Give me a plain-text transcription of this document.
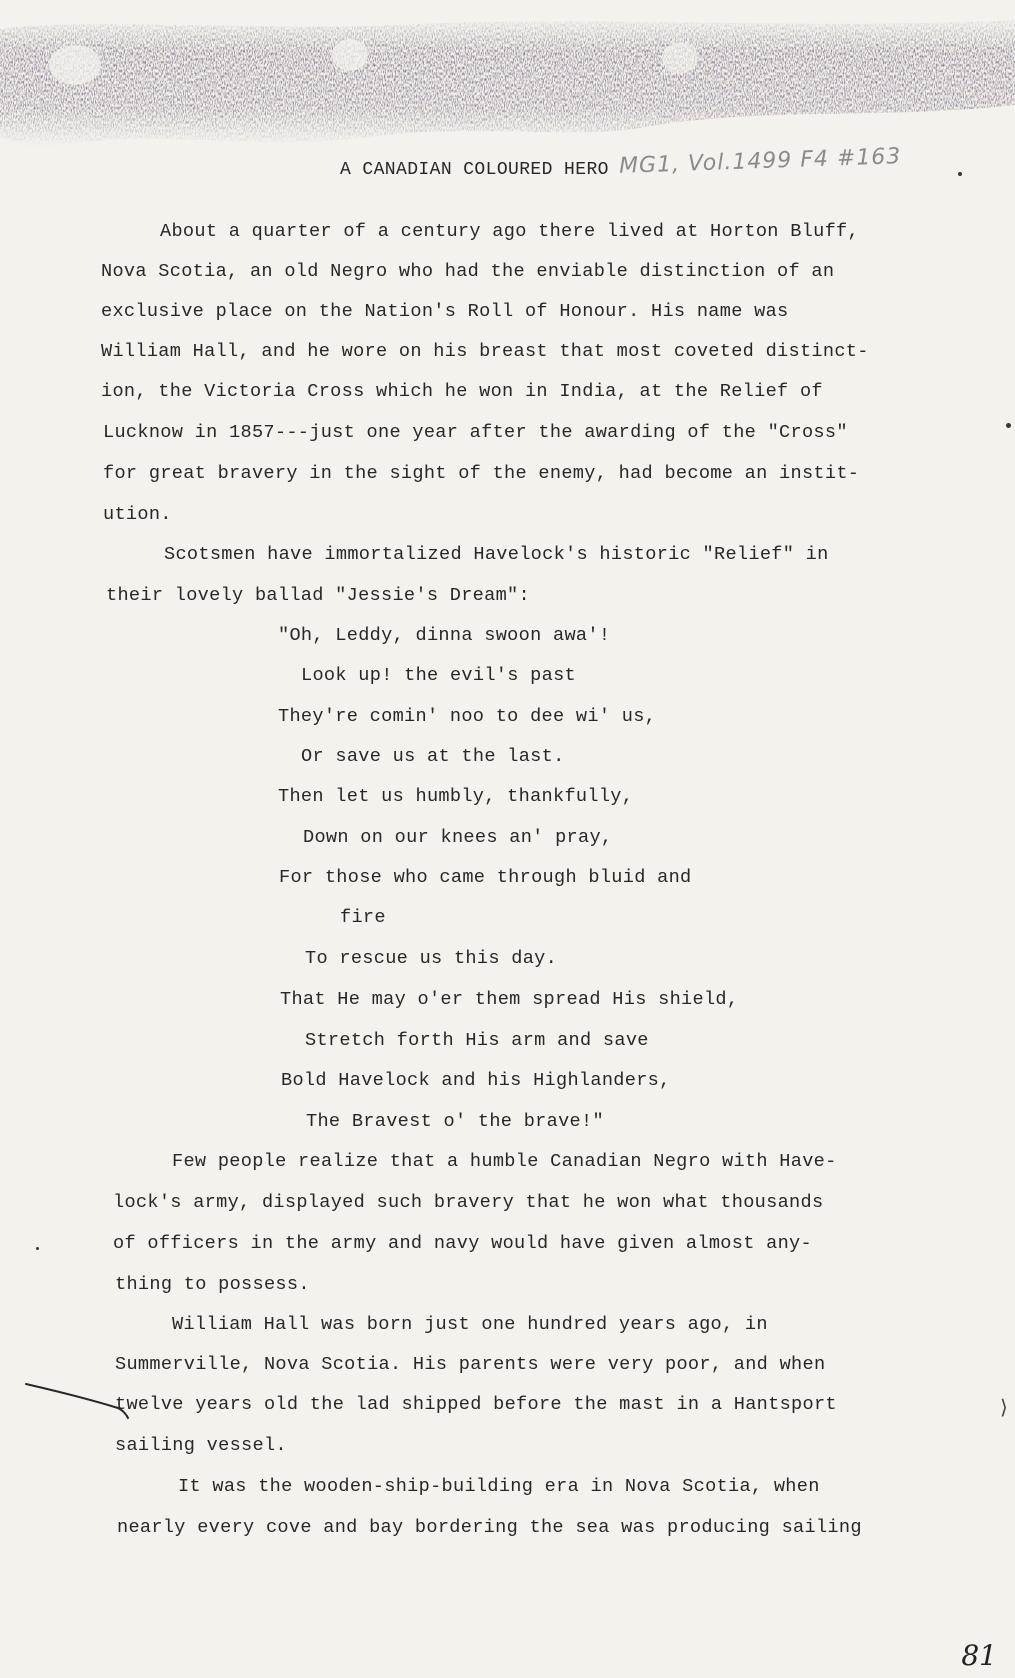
A CANADIAN COLOURED HERO MG1, Vol.1499 F4 #163
About a quarter of a century ago there lived at Horton Bluff,
Nova Scotia, an old Negro who had the enviable distinction of an
exclusive place on the Nation's Roll of Honour. His name was
William Hall, and he wore on his breast that most coveted distinct-
ion, the Victoria Cross which he won in India, at the Relief of
Lucknow in 1857---just one year after the awarding of the "Cross"
for great bravery in the sight of the enemy, had become an instit-
ution.
Scotsmen have immortalized Havelock's historic "Relief" in
their lovely ballad "Jessie's Dream":
"Oh, Leddy, dinna swoon awa'!
Look up! the evil's past
They're comin' noo to dee wi' us,
Or save us at the last.
Then let us humbly, thankfully,
Down on our knees an' pray,
For those who came through bluid and
fire
To rescue us this day.
That He may o'er them spread His shield,
Stretch forth His arm and save
Bold Havelock and his Highlanders,
The Bravest o' the brave!"
Few people realize that a humble Canadian Negro with Have-
lock's army, displayed such bravery that he won what thousands
of officers in the army and navy would have given almost any-
thing to possess.
William Hall was born just one hundred years ago, in
Summerville, Nova Scotia. His parents were very poor, and when
twelve years old the lad shipped before the mast in a Hantsport
sailing vessel.
It was the wooden-ship-building era in Nova Scotia, when
nearly every cove and bay bordering the sea was producing sailing
⟩
81
